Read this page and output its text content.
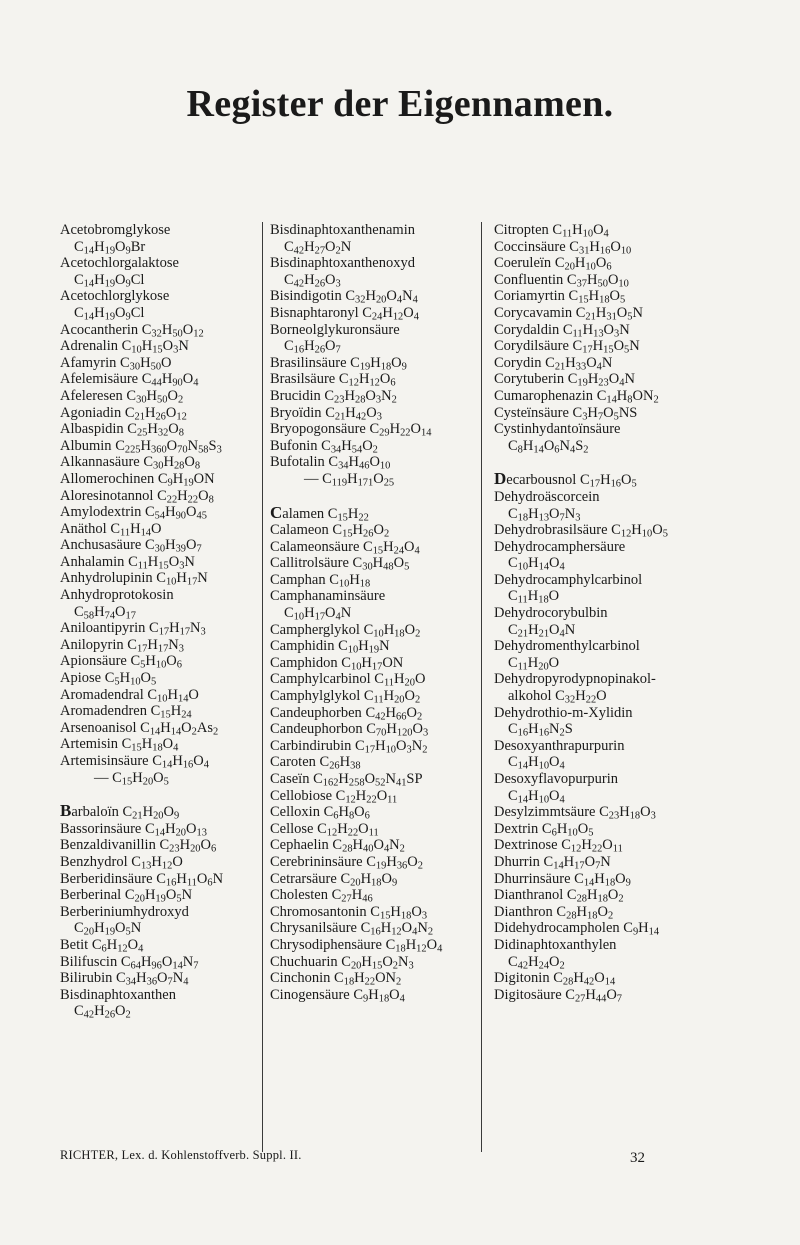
Register der Eigennamen.
Acetobromglykose
$C_{14}H_{19}O_9Br$
Acetochlorgalaktose
$C_{14}H_{19}O_9Cl$
Acetochlorglykose
$C_{14}H_{19}O_9Cl$
Acocantherin $C_{32}H_{50}O_{12}$
Adrenalin $C_{10}H_{15}O_3N$
Afamyrin $C_{30}H_{50}O$
Afelemisäure $C_{44}H_{90}O_4$
Afeleresen $C_{30}H_{50}O_2$
Agoniadin $C_{21}H_{26}O_{12}$
Albaspidin $C_{25}H_{32}O_8$
Albumin $C_{225}H_{360}O_{70}N_{58}S_3$
Alkannasäure $C_{30}H_{28}O_8$
Allomerochinen $C_9H_{19}ON$
Aloresinotannol $C_{22}H_{22}O_8$
Amylodextrin $C_{54}H_{90}O_{45}$
Anäthol $C_{11}H_{14}O$
Anchusasäure $C_{30}H_{39}O_7$
Anhalamin $C_{11}H_{15}O_3N$
Anhydrolupinin $C_{10}H_{17}N$
Anhydroprotokosin
$C_{58}H_{74}O_{17}$
Aniloantipyrin $C_{17}H_{17}N_3$
Anilopyrin $C_{17}H_{17}N_3$
Apionsäure $C_5H_{10}O_6$
Apiose $C_5H_{10}O_5$
Aromadendral $C_{10}H_{14}O$
Aromadendren $C_{15}H_{24}$
Arsenoanisol $C_{14}H_{14}O_2As_2$
Artemisin $C_{15}H_{18}O_4$
Artemisinsäure $C_{14}H_{16}O_4$
— $C_{15}H_{20}O_5$
Barbaloïn $C_{21}H_{20}O_9$
Bassorinsäure $C_{14}H_{20}O_{13}$
Benzaldivanillin $C_{23}H_{20}O_6$
Benzhydrol $C_{13}H_{12}O$
Berberidinsäure $C_{16}H_{11}O_6N$
Berberinal $C_{20}H_{19}O_5N$
Berberiniumhydroxyd
$C_{20}H_{19}O_5N$
Betit $C_6H_{12}O_4$
Bilifuscin $C_{64}H_{96}O_{14}N_7$
Bilirubin $C_{34}H_{36}O_7N_4$
Bisdinaphtoxanthen
$C_{42}H_{26}O_2$
Bisdinaphtoxanthenamin
$C_{42}H_{27}O_2N$
Bisdinaphtoxanthenoxyd
$C_{42}H_{26}O_3$
Bisindigotin $C_{32}H_{20}O_4N_4$
Bisnaphtaronyl $C_{24}H_{12}O_4$
Borneolglykuronsäure
$C_{16}H_{26}O_7$
Brasilinsäure $C_{19}H_{18}O_9$
Brasilsäure $C_{12}H_{12}O_6$
Brucidin $C_{23}H_{28}O_3N_2$
Bryoïdin $C_{21}H_{42}O_3$
Bryopogonsäure $C_{29}H_{22}O_{14}$
Bufonin $C_{34}H_{54}O_2$
Bufotalin $C_{34}H_{46}O_{10}$
— $C_{119}H_{171}O_{25}$
Calamen $C_{15}H_{22}$
Calameon $C_{15}H_{26}O_2$
Calameonsäure $C_{15}H_{24}O_4$
Callitrolsäure $C_{30}H_{48}O_5$
Camphan $C_{10}H_{18}$
Camphanaminsäure
$C_{10}H_{17}O_4N$
Campherglykol $C_{10}H_{18}O_2$
Camphidin $C_{10}H_{19}N$
Camphidon $C_{10}H_{17}ON$
Camphylcarbinol $C_{11}H_{20}O$
Camphylglykol $C_{11}H_{20}O_2$
Candeuphorben $C_{42}H_{66}O_2$
Candeuphorbon $C_{70}H_{120}O_3$
Carbindirubin $C_{17}H_{10}O_3N_2$
Caroten $C_{26}H_{38}$
Caseïn $C_{162}H_{258}O_{52}N_{41}SP$
Cellobiose $C_{12}H_{22}O_{11}$
Celloxin $C_6H_8O_6$
Cellose $C_{12}H_{22}O_{11}$
Cephaelin $C_{28}H_{40}O_4N_2$
Cerebrininsäure $C_{19}H_{36}O_2$
Cetrarsäure $C_{20}H_{18}O_9$
Cholesten $C_{27}H_{46}$
Chromosantonin $C_{15}H_{18}O_3$
Chrysanilsäure $C_{16}H_{12}O_4N_2$
Chrysodiphensäure $C_{18}H_{12}O_4$
Chuchuarin $C_{20}H_{15}O_2N_3$
Cinchonin $C_{18}H_{22}ON_2$
Cinogensäure $C_9H_{18}O_4$
Citropten $C_{11}H_{10}O_4$
Coccinsäure $C_{31}H_{16}O_{10}$
Coeruleïn $C_{20}H_{10}O_6$
Confluentin $C_{37}H_{50}O_{10}$
Coriamyrtin $C_{15}H_{18}O_5$
Corycavamin $C_{21}H_{31}O_5N$
Corydaldin $C_{11}H_{13}O_3N$
Corydilsäure $C_{17}H_{15}O_5N$
Corydin $C_{21}H_{33}O_4N$
Corytuberin $C_{19}H_{23}O_4N$
Cumarophenazin $C_{14}H_8ON_2$
Cysteïnsäure $C_3H_7O_5NS$
Cystinhydantoïnsäure
$C_8H_{14}O_6N_4S_2$
Decarbousnol $C_{17}H_{16}O_5$
Dehydroäscorcein
$C_{18}H_{13}O_7N_3$
Dehydrobrasilsäure $C_{12}H_{10}O_5$
Dehydrocamphersäure
$C_{10}H_{14}O_4$
Dehydrocamphylcarbinol
$C_{11}H_{18}O$
Dehydrocorybulbin
$C_{21}H_{21}O_4N$
Dehydromenthylcarbinol
$C_{11}H_{20}O$
Dehydropyrodypnopinakol-
alkohol $C_{32}H_{22}O$
Dehydrothio-m-Xylidin
$C_{16}H_{16}N_2S$
Desoxyanthrapurpurin
$C_{14}H_{10}O_4$
Desoxyflavopurpurin
$C_{14}H_{10}O_4$
Desylzimmtsäure $C_{23}H_{18}O_3$
Dextrin $C_6H_{10}O_5$
Dextrinose $C_{12}H_{22}O_{11}$
Dhurrin $C_{14}H_{17}O_7N$
Dhurrinsäure $C_{14}H_{18}O_9$
Dianthranol $C_{28}H_{18}O_2$
Dianthron $C_{28}H_{18}O_2$
Didehydrocampholen $C_9H_{14}$
Didinaphtoxanthylen
$C_{42}H_{24}O_2$
Digitonin $C_{28}H_{42}O_{14}$
Digitosäure $C_{27}H_{44}O_7$
RICHTER, Lex. d. Kohlenstoffverb. Suppl. II.	32
